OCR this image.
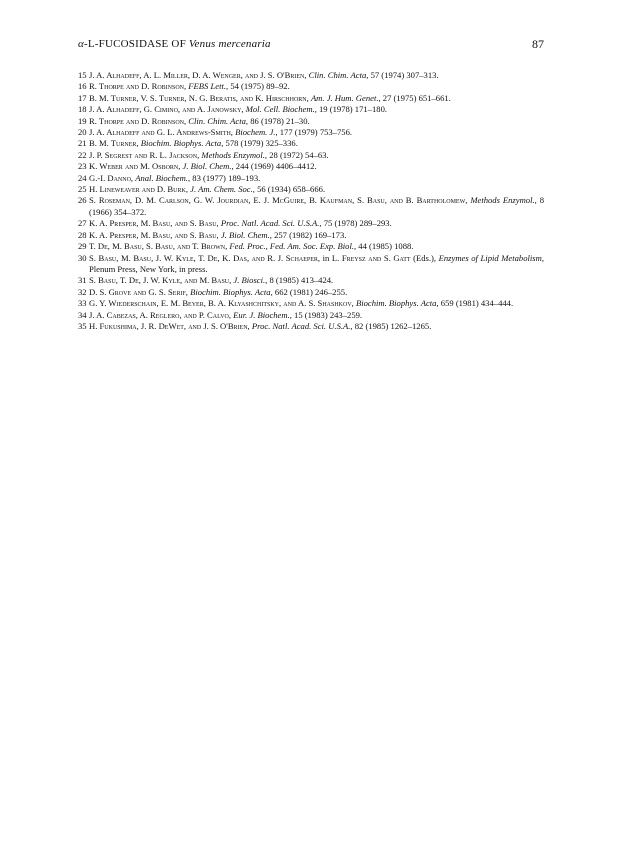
α-L-FUCOSIDASE OF Venus mercenaria	87
15 J. A. Alhadeff, A. L. Miller, D. A. Wenger, and J. S. O'Brien, Clin. Chim. Acta, 57 (1974) 307–313.
16 R. Thorpe and D. Robinson, FEBS Lett., 54 (1975) 89–92.
17 B. M. Turner, V. S. Turner, N. G. Beratis, and K. Hirschhorn, Am. J. Hum. Genet., 27 (1975) 651–661.
18 J. A. Alhadeff, G. Cimino, and A. Janowsky, Mol. Cell. Biochem., 19 (1978) 171–180.
19 R. Thorpe and D. Robinson, Clin. Chim. Acta, 86 (1978) 21–30.
20 J. A. Alhadeff and G. L. Andrews-Smith, Biochem. J., 177 (1979) 753–756.
21 B. M. Turner, Biochim. Biophys. Acta, 578 (1979) 325–336.
22 J. P. Segrest and R. L. Jackson, Methods Enzymol., 28 (1972) 54–63.
23 K. Weber and M. Osborn, J. Biol. Chem., 244 (1969) 4406–4412.
24 G.-I. Danno, Anal. Biochem., 83 (1977) 189–193.
25 H. Lineweaver and D. Burk, J. Am. Chem. Soc., 56 (1934) 658–666.
26 S. Roseman, D. M. Carlson, G. W. Jourdian, E. J. McGuire, B. Kaufman, S. Basu, and B. Bartholomew, Methods Enzymol., 8 (1966) 354–372.
27 K. A. Presper, M. Basu, and S. Basu, Proc. Natl. Acad. Sci. U.S.A., 75 (1978) 289–293.
28 K. A. Presper, M. Basu, and S. Basu, J. Biol. Chem., 257 (1982) 169–173.
29 T. De, M. Basu, S. Basu, and T. Brown, Fed. Proc., Fed. Am. Soc. Exp. Biol., 44 (1985) 1088.
30 S. Basu, M. Basu, J. W. Kyle, T. De, K. Das, and R. J. Schaeper, in L. Freysz and S. Gatt (Eds.), Enzymes of Lipid Metabolism, Plenum Press, New York, in press.
31 S. Basu, T. De, J. W. Kyle, and M. Basu, J. Biosci., 8 (1985) 413–424.
32 D. S. Grove and G. S. Serif, Biochim. Biophys. Acta, 662 (1981) 246–255.
33 G. Y. Wiederschain, E. M. Beyer, B. A. Klyashchitsky, and A. S. Shashkov, Biochim. Biophys. Acta, 659 (1981) 434–444.
34 J. A. Cabezas, A. Reglero, and P. Calvo, Eur. J. Biochem., 15 (1983) 243–259.
35 H. Fukushima, J. R. DeWet, and J. S. O'Brien, Proc. Natl. Acad. Sci. U.S.A., 82 (1985) 1262–1265.
